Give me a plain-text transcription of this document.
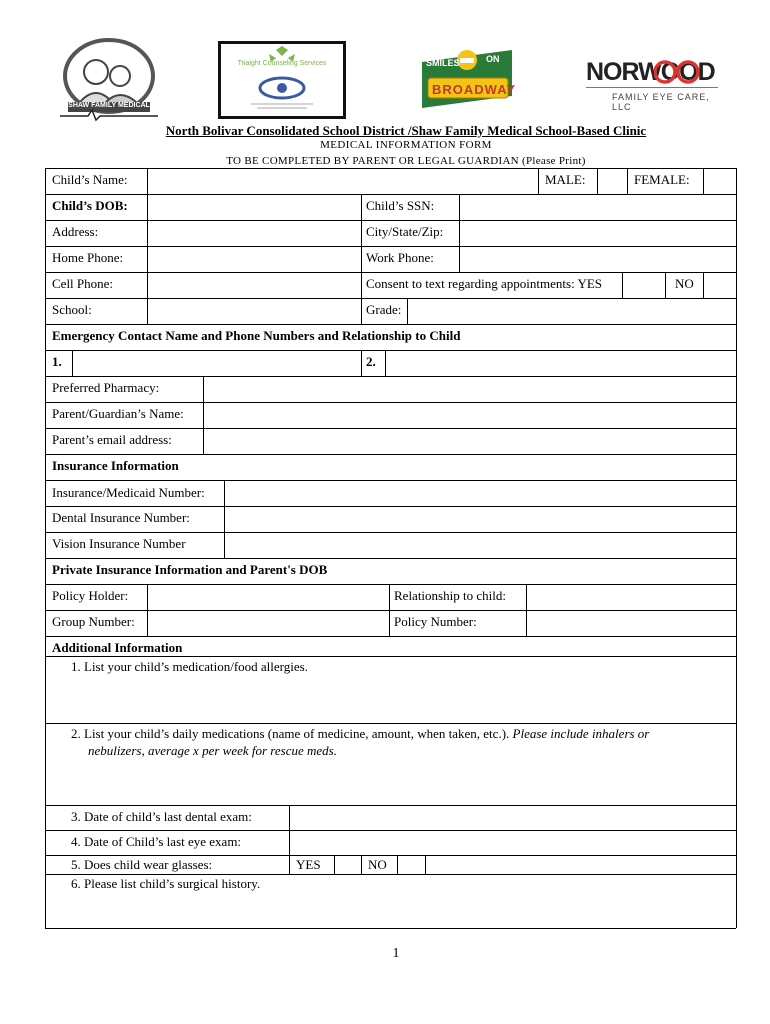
SHAW FAMILY MEDICAL
Triaight Counseling Services	SMILES	ON
BROADWAY
NORWOOD
FAMILY EYE CARE, LLC
North Bolivar Consolidated School District /Shaw Family Medical School-Based Clinic
MEDICAL INFORMATION FORM
TO BE COMPLETED BY PARENT OR LEGAL GUARDIAN (Please Print)
Child’s Name:	MALE:	FEMALE:
Child’s DOB:	Child’s SSN:
Address:	City/State/Zip:
Home Phone:	Work Phone:
Cell Phone:	Consent to text regarding appointments: YES	NO
School:	Grade:
Emergency Contact Name and Phone Numbers and Relationship to Child
1.	2.
Preferred Pharmacy:
Parent/Guardian’s Name:
Parent’s email address:
Insurance Information
Insurance/Medicaid Number:
Dental Insurance Number:
Vision Insurance Number
Private Insurance Information and Parent's DOB
Policy Holder:	Relationship to child:
Group Number:	Policy Number:
Additional Information
1. List your child’s medication/food allergies.
2. List your child’s daily medications (name of medicine, amount, when taken, etc.). Please include inhalers or
nebulizers, average x per week for rescue meds.
3. Date of child’s last dental exam:
4. Date of Child’s last eye exam:
5. Does child wear glasses:	YES	NO
6. Please list child’s surgical history.
1
